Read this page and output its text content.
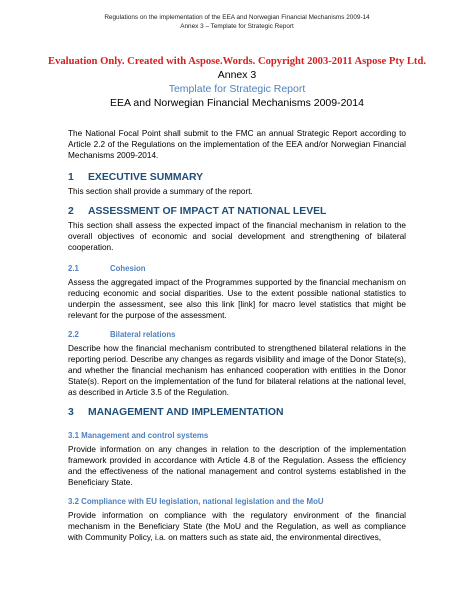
Regulations on the implementation of the EEA and Norwegian Financial Mechanisms 2009-14
Annex 3 – Template for Strategic Report
Evaluation Only. Created with Aspose.Words. Copyright 2003-2011 Aspose Pty Ltd.
Annex 3
Template for Strategic Report
EEA and Norwegian Financial Mechanisms 2009-2014

The National Focal Point shall submit to the FMC an annual Strategic Report according to Article 2.2 of the Regulations on the implementation of the EEA and/or Norwegian Financial Mechanisms 2009-2014.

1 EXECUTIVE SUMMARY

This section shall provide a summary of the report.

2 ASSESSMENT OF IMPACT AT NATIONAL LEVEL

This section shall assess the expected impact of the financial mechanism in relation to the overall objectives of economic and social development and strengthening of bilateral cooperation.

2.1	Cohesion

Assess the aggregated impact of the Programmes supported by the financial mechanism on reducing economic and social disparities. Use to the extent possible national statistics to underpin the assessment, see also this link [link] for macro level statistics that might be relevant for the purpose of the assessment.

2.2	Bilateral relations

Describe how the financial mechanism contributed to strengthened bilateral relations in the reporting period. Describe any changes as regards visibility and image of the Donor State(s), and whether the financial mechanism has enhanced cooperation with entities in the Donor State(s). Report on the implementation of the fund for bilateral relations at the national level, as described in Article 3.5 of the Regulation.

3 MANAGEMENT AND IMPLEMENTATION
3.1 Management and control systems

Provide information on any changes in relation to the description of the implementation framework provided in accordance with Article 4.8 of the Regulation. Assess the efficiency and the effectiveness of the national management and control systems established in the Beneficiary State.

3.2 Compliance with EU legislation, national legislation and the MoU

Provide information on compliance with the regulatory environment of the financial mechanism in the Beneficiary State (the MoU and the Regulation, as well as compliance with Community Policy, i.a. on matters such as state aid, the environmental directives,
